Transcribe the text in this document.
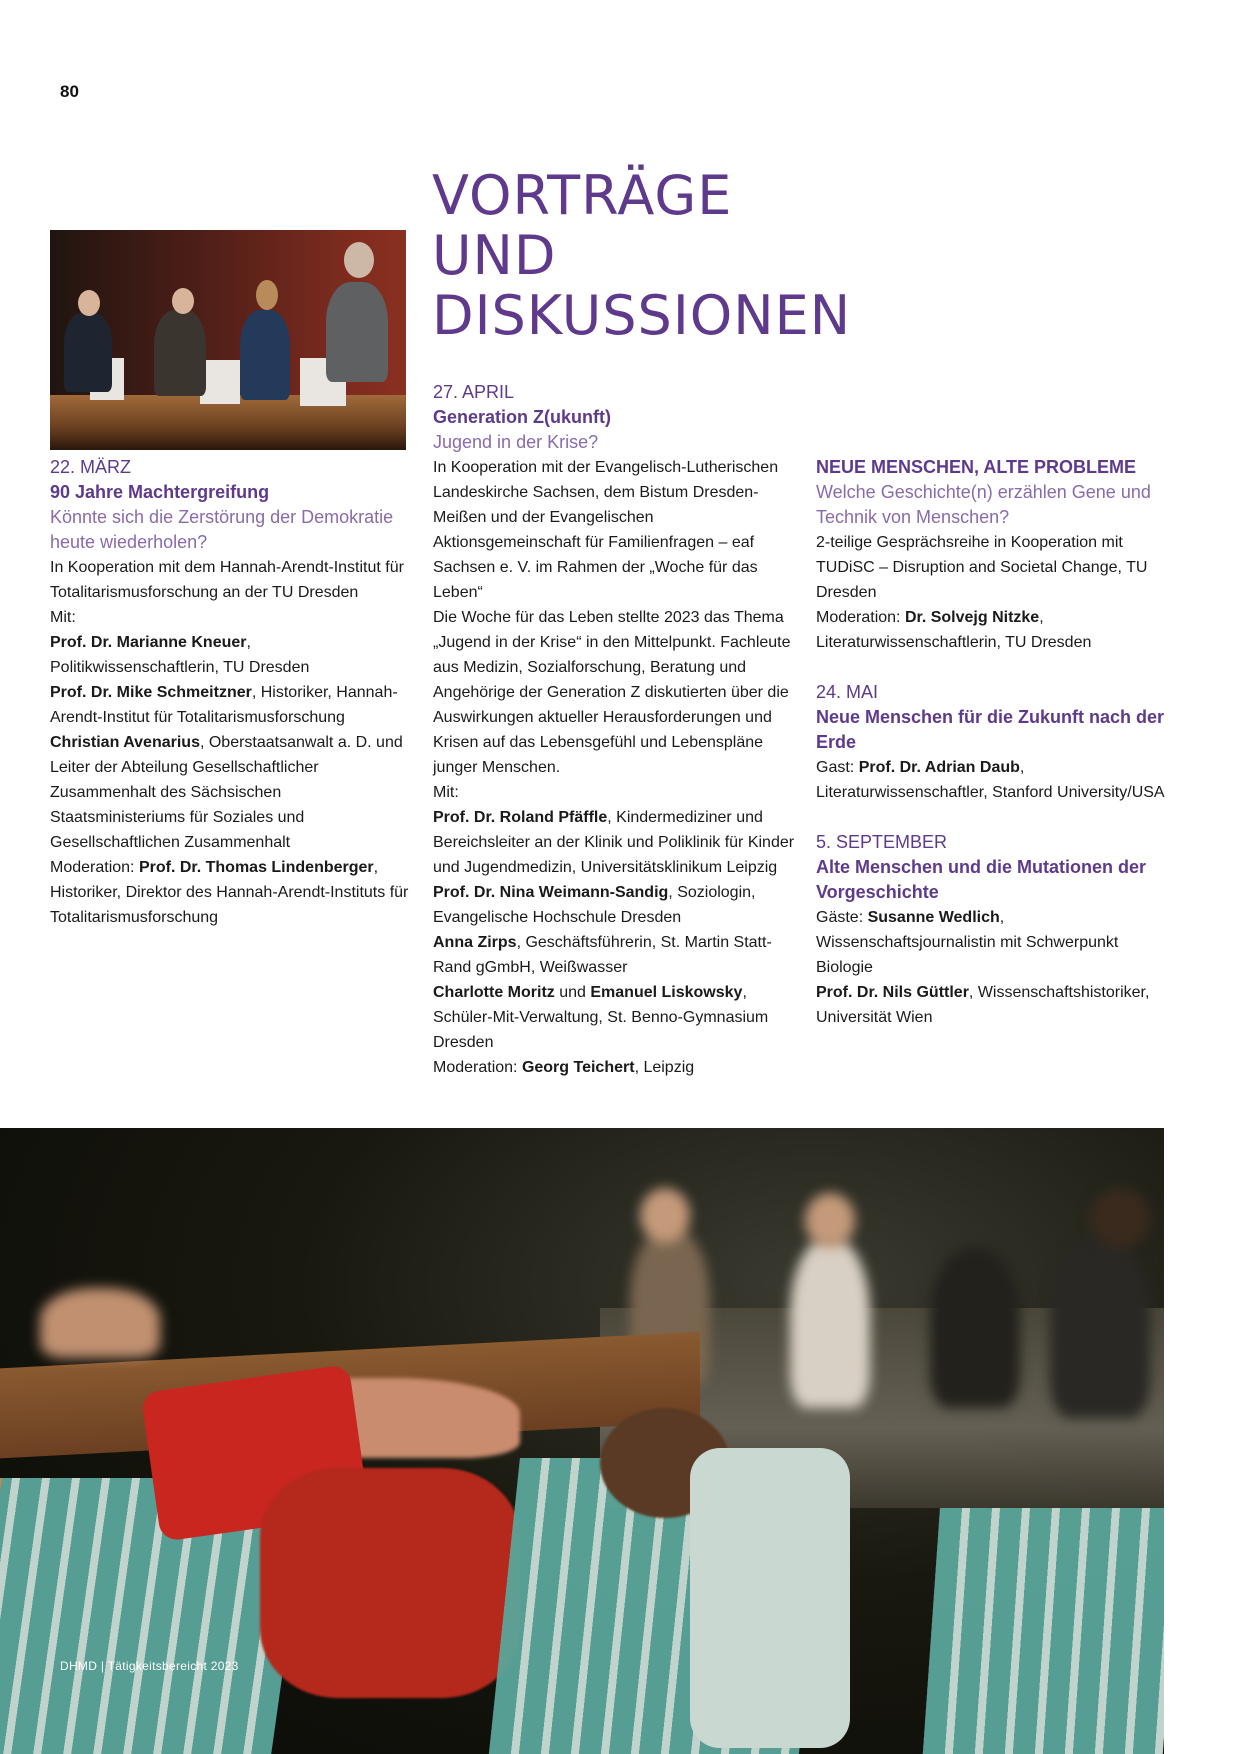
80
VORTRÄGE
UND
DISKUSSIONEN

22. MÄRZ

90 Jahre Machtergreifung

Könnte sich die Zerstörung der Demokratie heute wiederholen?

In Kooperation mit dem Hannah-Arendt-Institut für Totalitarismusforschung an der TU Dresden

Mit:

Prof. Dr. Marianne Kneuer, Politikwissenschaftlerin, TU Dresden

Prof. Dr. Mike Schmeitzner, Historiker, Hannah-Arendt-Institut für Totalitarismusforschung

Christian Avenarius, Oberstaatsanwalt a. D. und Leiter der Abteilung Gesellschaftlicher Zusammenhalt des Sächsischen Staatsministeriums für Soziales und Gesellschaftlichen Zusammenhalt

Moderation: Prof. Dr. Thomas Lindenberger, Historiker, Direktor des Hannah-Arendt-Instituts für Totalitarismusforschung

27. APRIL

Generation Z(ukunft)

Jugend in der Krise?

In Kooperation mit der Evangelisch-Lutherischen Landeskirche Sachsen, dem Bistum Dresden-Meißen und der Evangelischen Aktionsgemeinschaft für Familienfragen – eaf Sachsen e. V. im Rahmen der „Woche für das Leben“

Die Woche für das Leben stellte 2023 das Thema „Jugend in der Krise“ in den Mittelpunkt. Fachleute aus Medizin, Sozialforschung, Beratung und Angehörige der Generation Z diskutierten über die Auswirkungen aktueller Herausforderungen und Krisen auf das Lebensgefühl und Lebenspläne junger Menschen.

Mit:

Prof. Dr. Roland Pfäffle, Kindermediziner und Bereichsleiter an der Klinik und Poliklinik für Kinder und Jugendmedizin, Universitätsklinikum Leipzig

Prof. Dr. Nina Weimann-Sandig, Soziologin, Evangelische Hochschule Dresden

Anna Zirps, Geschäftsführerin, St. Martin Statt-Rand gGmbH, Weißwasser

Charlotte Moritz und Emanuel Liskowsky, Schüler-Mit-Verwaltung, St. Benno-Gymnasium Dresden

Moderation: Georg Teichert, Leipzig

NEUE MENSCHEN, ALTE PROBLEME

Welche Geschichte(n) erzählen Gene und Technik von Menschen?

2-teilige Gesprächsreihe in Kooperation mit TUDiSC – Disruption and Societal Change, TU Dresden

Moderation: Dr. Solvejg Nitzke, Literaturwissenschaftlerin, TU Dresden

24. MAI

Neue Menschen für die Zukunft nach der Erde

Gast: Prof. Dr. Adrian Daub, Literaturwissenschaftler, Stanford University/USA

5. SEPTEMBER

Alte Menschen und die Mutationen der Vorgeschichte

Gäste: Susanne Wedlich, Wissenschaftsjournalistin mit Schwerpunkt Biologie

Prof. Dr. Nils Güttler, Wissenschaftshistoriker, Universität Wien

DHMD | Tätigkeitsbereicht 2023
